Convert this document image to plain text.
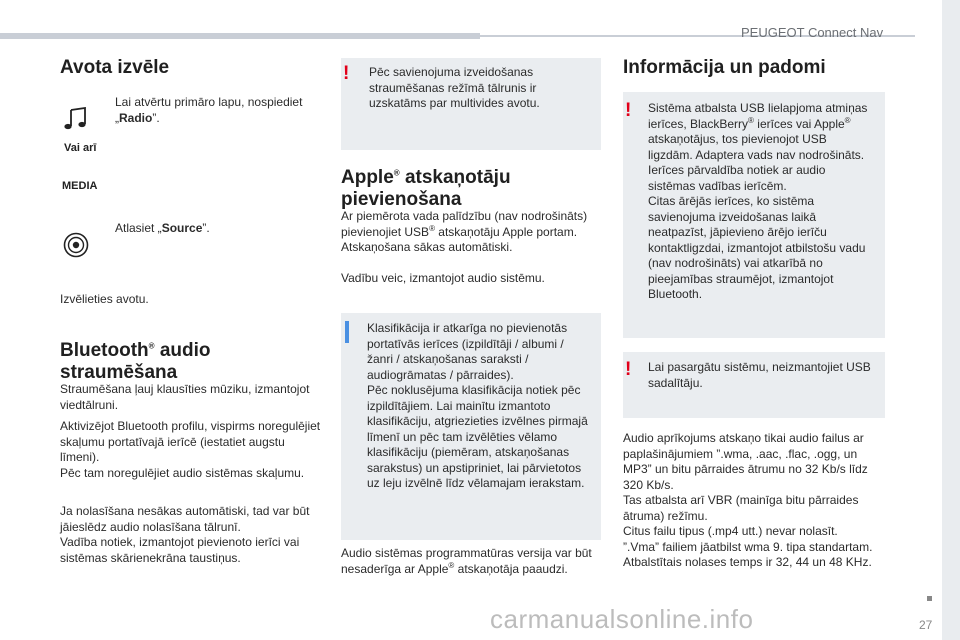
PEUGEOT Connect Nav
27
Avota izvēle

Lai atvērtu primāro lapu, nospiediet „Radio”.

Vai arī
MEDIA

Atlasiet „Source”.

Izvēlieties avotu.

Bluetooth® audio
straumēšana

Straumēšana ļauj klausīties mūziku, izmantojot viedtālruni.

Aktivizējot Bluetooth profilu, vispirms noregulējiet skaļumu portatīvajā ierīcē (iestatiet augstu līmeni).
Pēc tam noregulējiet audio sistēmas skaļumu.

Ja nolasīšana nesākas automātiski, tad var būt jāieslēdz audio nolasīšana tālrunī.
Vadība notiek, izmantojot pievienoto ierīci vai sistēmas skārienekrāna taustiņus.

! Pēc savienojuma izveidošanas straumēšanas režīmā tālrunis ir uzskatāms par multivides avotu.

Apple® atskaņotāju
pievienošana

Ar piemērota vada palīdzību (nav nodrošināts) pievienojiet USB® atskaņotāju Apple portam. Atskaņošana sākas automātiski.

Vadību veic, izmantojot audio sistēmu.

Klasifikācija ir atkarīga no pievienotās portatīvās ierīces (izpildītāji / albumi / žanri / atskaņošanas saraksti / audiogrāmatas / pārraides).
Pēc noklusējuma klasifikācija notiek pēc izpildītājiem. Lai mainītu izmantoto klasifikāciju, atgriezieties izvēlnes pirmajā līmenī un pēc tam izvēlēties vēlamo klasifikāciju (piemēram, atskaņošanas sarakstus) un apstipriniet, lai pārvietotos uz leju izvēlnē līdz vēlamajam ierakstam.

Audio sistēmas programmatūras versija var būt nesaderīga ar Apple® atskaņotāja paaudzi.

Informācija un padomi
! Sistēma atbalsta USB lielapjoma atmiņas ierīces, BlackBerry® ierīces vai Apple® atskaņotājus, tos pievienojot USB ligzdām. Adaptera vads nav nodrošināts.
Ierīces pārvaldība notiek ar audio sistēmas vadības ierīcēm.
Citas ārējās ierīces, ko sistēma savienojuma izveidošanas laikā neatpazīst, jāpievieno ārējo ierīču kontaktligzdai, izmantojot atbilstošu vadu (nav nodrošināts) vai atkarībā no pieejamības straumējot, izmantojot Bluetooth.

! Lai pasargātu sistēmu, neizmantojiet USB sadalītāju.

Audio aprīkojums atskaņo tikai audio failus ar paplašinājumiem ”.wma, .aac, .flac, .ogg, un MP3” un bitu pārraides ātrumu no 32 Kb/s līdz 320 Kb/s.
Tas atbalsta arī VBR (mainīga bitu pārraides ātruma) režīmu.
Citus failu tipus (.mp4 utt.) nevar nolasīt.
”.Vma” failiem jāatbilst wma 9. tipa standartam.
Atbalstītais nolases temps ir 32, 44 un 48 KHz.

carmanualsonline.info
